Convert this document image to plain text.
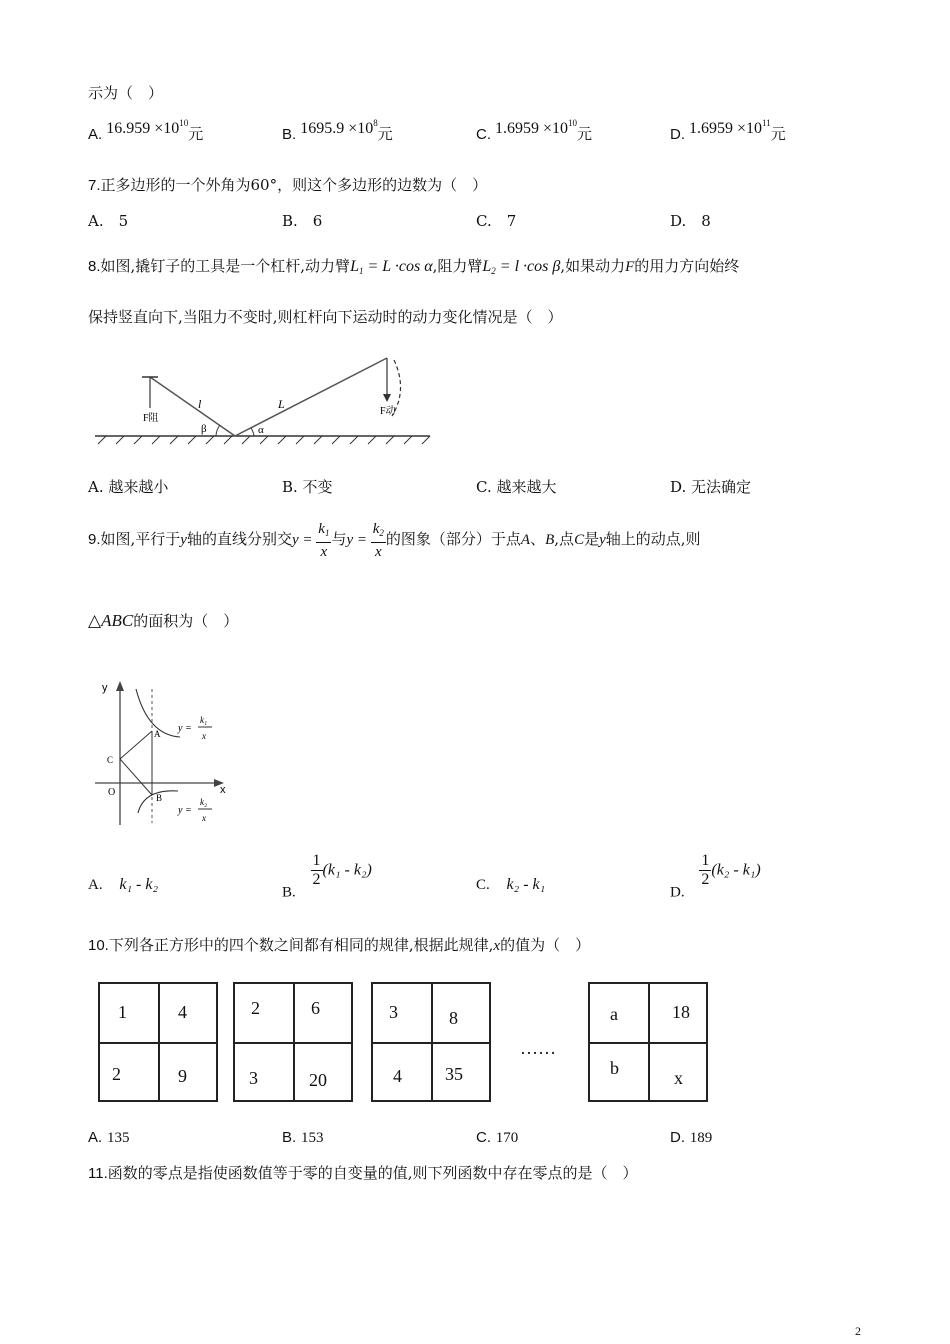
示为（　）
A. $16.959 \times 10^{10}$元	B. $1695.9 \times 10^8$元	C. $1.6959 \times 10^{10}$元	D. $1.6959 \times 10^{11}$元
7.正多边形的一个外角为60°，则这个多边形的边数为（　）
A.　5	B.　6	C.　7	D.　8
8.如图,撬钉子的工具是一个杠杆,动力臂$L_1 = L \cdot\cos$ α,阻力臂$L_2 = l \cdot\cos$ β,如果动力F的用力方向始终
保持竖直向下,当阻力不变时,则杠杆向下运动时的动力变化情况是（　）
l	L
β	α
F阻
F动
A. 越来越小	B. 不变	C. 越来越大	D. 无法确定
9.如图,平行于y轴的直线分别交$y = \frac{k_1}{x}$ 与$y = \frac{k_2}{x}$ 的图象（部分）于点A、B,点C是y轴上的动点,则
△ABC的面积为（　）
y
x
O
A
B
C
y =
k₁
x
y =
k₂
x
A. k₁ - k₂	B.
$\frac{1}{2} (k_1 - k_2)$
C. k₂ - k₁	D.
$\frac{1}{2} (k_2 - k_1)$
10.下列各正方形中的四个数之间都有相同的规律,根据此规律,x的值为（　）
1	4
2	9
2	6
3	20
3	8
4 35
……
a	18
b	x
A. 135	B. 153	C. 170	D. 189
11.函数的零点是指使函数值等于零的自变量的值,则下列函数中存在零点的是（　）
2
